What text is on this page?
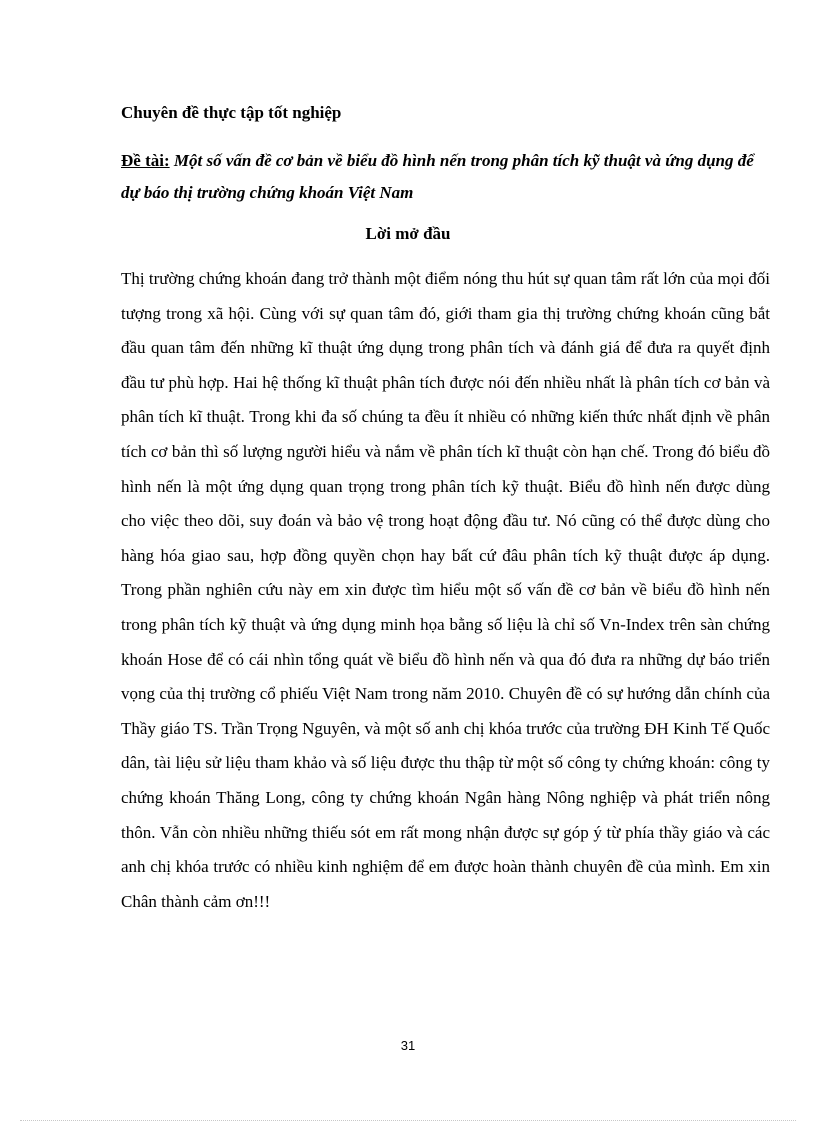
Chuyên đề thực tập tốt nghiệp
Đề tài: Một số vấn đề cơ bản về biểu đồ hình nến trong phân tích kỹ thuật và ứng dụng để dự báo thị trường chứng khoán Việt Nam
Lời mở đầu
Thị trường chứng khoán đang trở thành một điểm nóng thu hút sự quan tâm rất lớn của mọi đối tượng trong xã hội. Cùng với sự quan tâm đó, giới tham gia thị trường chứng khoán cũng bắt đầu quan tâm đến những kĩ thuật ứng dụng trong phân tích và đánh giá để đưa ra quyết định đầu tư phù hợp. Hai hệ thống kĩ thuật phân tích được nói đến nhiều nhất là phân tích cơ bản và phân tích kĩ thuật. Trong khi đa số chúng ta đều ít nhiều có những kiến thức nhất định về phân tích cơ bản thì số lượng người hiểu và nắm về phân tích kĩ thuật còn hạn chế. Trong đó biểu đồ hình nến là một ứng dụng quan trọng trong phân tích kỹ thuật. Biểu đồ hình nến được dùng cho việc theo dõi, suy đoán và bảo vệ trong hoạt động đầu tư. Nó cũng có thể được dùng cho hàng hóa giao sau, hợp đồng quyền chọn hay bất cứ đâu phân tích kỹ thuật được áp dụng. Trong phần nghiên cứu này em xin được tìm hiểu một số vấn đề cơ bản về biểu đồ hình nến trong phân tích kỹ thuật và ứng dụng minh họa bằng số liệu là chỉ số Vn-Index trên sàn chứng khoán Hose để có cái nhìn tổng quát về biểu đồ hình nến và qua đó đưa ra những dự báo triển vọng của thị trường cổ phiếu Việt Nam trong năm 2010. Chuyên đề có sự hướng dẫn chính của Thầy giáo TS. Trần Trọng Nguyên, và một số anh chị khóa trước của trường ĐH Kinh Tế Quốc dân, tài liệu sử liệu tham khảo và số liệu được thu thập từ một số công ty chứng khoán: công ty chứng khoán Thăng Long, công ty chứng khoán Ngân hàng Nông nghiệp và phát triển nông thôn. Vẫn còn nhiều những thiếu sót em rất mong nhận được sự góp ý từ phía thầy giáo và các anh chị khóa trước có nhiều kinh nghiệm để em được hoàn thành chuyên đề của mình. Em xin Chân thành cảm ơn!!!
31
